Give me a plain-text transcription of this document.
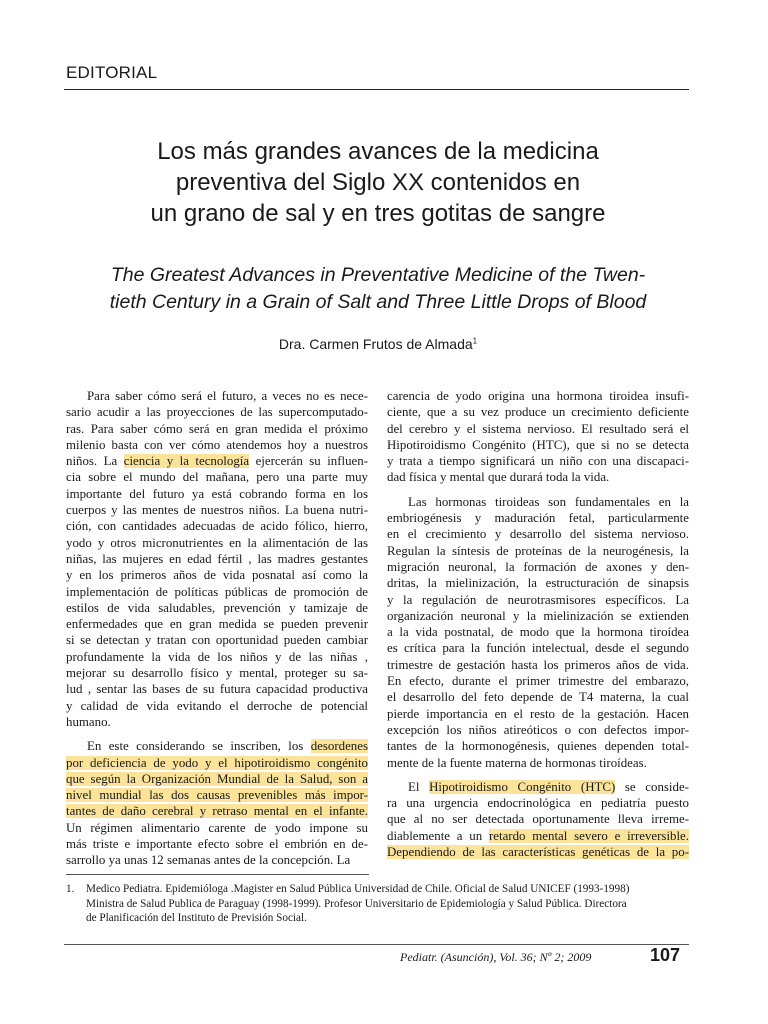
EDITORIAL
Los más grandes avances de la medicina
preventiva del Siglo XX contenidos en
un grano de sal y en tres gotitas de sangre
The Greatest Advances in Preventative Medicine of the Twen-
tieth Century in a Grain of Salt and Three Little Drops of Blood
Dra. Carmen Frutos de Almada$^1$
Para saber cómo será el futuro, a veces no es nece-
sario acudir a las proyecciones de las supercomputado-
ras. Para saber cómo será en gran medida el próximo
milenio basta con ver cómo atendemos hoy a nuestros
niños. La ciencia y la tecnología ejercerán su influen-
cia sobre el mundo del mañana, pero una parte muy
importante del futuro ya está cobrando forma en los
cuerpos y las mentes de nuestros niños. La buena nutri-
ción, con cantidades adecuadas de acido fólico, hierro,
yodo y otros micronutrientes en la alimentación de las
niñas, las mujeres en edad fértil , las madres gestantes
y en los primeros años de vida posnatal así como la
implementación de políticas públicas de promoción de
estilos de vida saludables, prevención y tamizaje de
enfermedades que en gran medida se pueden prevenir
si se detectan y tratan con oportunidad pueden cambiar
profundamente la vida de los niños y de las niñas ,
mejorar su desarrollo físico y mental, proteger su sa-
lud , sentar las bases de su futura capacidad productiva
y calidad de vida evitando el derroche de potencial
humano.
En este considerando se inscriben, los desordenes
por deficiencia de yodo y el hipotiroidismo congénito
que según la Organización Mundial de la Salud, son a
nivel mundial las dos causas prevenibles más impor-
tantes de daño cerebral y retraso mental en el infante.
Un régimen alimentario carente de yodo impone su
más triste e importante efecto sobre el embrión en de-
sarrollo ya unas 12 semanas antes de la concepción. La
carencia de yodo origina una hormona tiroidea insufi-
ciente, que a su vez produce un crecimiento deficiente
del cerebro y el sistema nervioso. El resultado será el
Hipotiroidismo Congénito (HTC), que si no se detecta
y trata a tiempo significará un niño con una discapaci-
dad física y mental que durará toda la vida.
Las hormonas tiroideas son fundamentales en la
embriogénesis y maduración fetal, particularmente
en el crecimiento y desarrollo del sistema nervioso.
Regulan la síntesis de proteínas de la neurogénesis, la
migración neuronal, la formación de axones y den-
dritas, la mielinización, la estructuración de sinapsis
y la regulación de neurotrasmisores específicos. La
organización neuronal y la mielinización se extienden
a la vida postnatal, de modo que la hormona tiroídea
es crítica para la función intelectual, desde el segundo
trimestre de gestación hasta los primeros años de vida.
En efecto, durante el primer trimestre del embarazo,
el desarrollo del feto depende de T4 materna, la cual
pierde importancia en el resto de la gestación. Hacen
excepción los niños atireóticos o con defectos impor-
tantes de la hormonogénesis, quienes dependen total-
mente de la fuente materna de hormonas tiroídeas.
El Hipotiroidismo Congénito (HTC) se conside-
ra una urgencia endocrinológica en pediatría puesto
que al no ser detectada oportunamente lleva irreme-
diablemente a un retardo mental severo e irreversible.
Dependiendo de las características genéticas de la po-
1. Medico Pediatra. Epidemióloga .Magister en Salud Pública Universidad de Chile. Oficial de Salud UNICEF (1993-1998)
Ministra de Salud Publica de Paraguay (1998-1999). Profesor Universitario de Epidemiología y Salud Pública. Directora
de Planificación del Instituto de Previsión Social.
Pediatr. (Asunción), Vol. 36; Nº 2; 2009	107
